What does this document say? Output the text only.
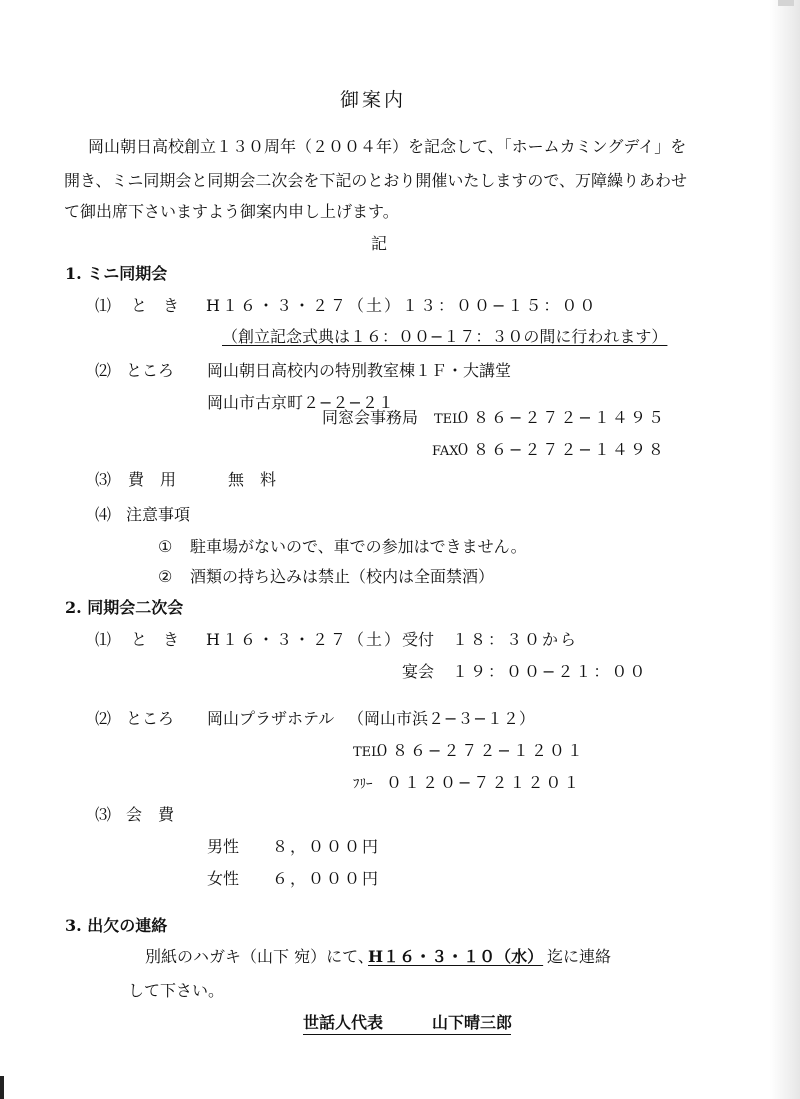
御案内
岡山朝日高校創立１３０周年（２００４年）を記念して、「ホームカミングデイ」を
開き、ミニ同期会と同期会二次会を下記のとおり開催いたしますので、万障繰りあわせ
て御出席下さいますよう御案内申し上げます。
記
1. ミニ同期会
⑴ と　き H１６・３・２７（土）１３：００−１５：００
（創立記念式典は１６：００−１７：３０の間に行われます）
⑵ ところ 岡山朝日高校内の特別教室棟１Ｆ・大講堂
岡山市古京町２−２−２１
同窓会事務局 TEL
０８６−２７２−１４９５
FAX
０８６−２７２−１４９８
⑶ 費　用	無　料
⑷ 注意事項
① 駐車場がないので、車での参加はできません。
② 酒類の持ち込みは禁止（校内は全面禁酒）
2. 同期会二次会
⑴ と　き H１６・３・２７（土） 受付 １８：３０から
宴会 １９：００−２１：００
⑵ ところ 岡山プラザホテル （岡山市浜２−３−１２）
TEL
０８６−２７２−１２０１
ﾌﾘｰ ０１２０−７２１２０１
⑶ 会　費
男性 ８，０００円
女性 ６，０００円
3. 出欠の連絡
別紙のハガキ（山下 宛）にて、
H１６・３・１０（水） 迄に連絡
して下さい。
世話人代表	山下晴三郎
